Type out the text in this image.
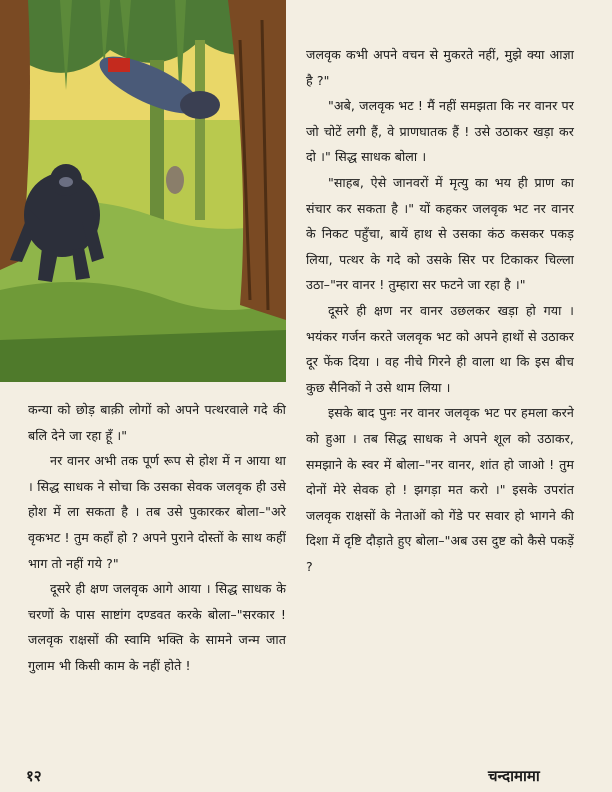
जलवृक कभी अपने वचन से मुकरते नहीं, मुझे क्या आज्ञा है ?"

"अबे, जलवृक भट ! मैं नहीं समझता कि नर वानर पर जो चोटें लगी हैं, वे प्राणघातक हैं ! उसे उठाकर खड़ा कर दो ।" सिद्ध साधक बोला ।

"साहब, ऐसे जानवरों में मृत्यु का भय ही प्राण का संचार कर सकता है ।" यों कहकर जलवृक भट नर वानर के निकट पहुँचा, बायें हाथ से उसका कंठ कसकर पकड़ लिया, पत्थर के गदे को उसके सिर पर टिकाकर चिल्ला उठा–"नर वानर ! तुम्हारा सर फटने जा रहा है ।"

दूसरे ही क्षण नर वानर उछलकर खड़ा हो गया । भयंकर गर्जन करते जलवृक भट को अपने हाथों से उठाकर दूर फेंक दिया । वह नीचे गिरने ही वाला था कि इस बीच कुछ सैनिकों ने उसे थाम लिया ।

इसके बाद पुनः नर वानर जलवृक भट पर हमला करने को हुआ । तब सिद्ध साधक ने अपने शूल को उठाकर, समझाने के स्वर में बोला–"नर वानर, शांत हो जाओ ! तुम दोनों मेरे सेवक हो ! झगड़ा मत करो ।" इसके उपरांत जलवृक राक्षसों के नेताओं को गेंडे पर सवार हो भागने की दिशा में दृष्टि दौड़ाते हुए बोला–"अब उस दुष्ट को कैसे पकड़ें ?

कन्या को छोड़ बाक़ी लोगों को अपने पत्थरवाले गदे की बलि देने जा रहा हूँ ।"

नर वानर अभी तक पूर्ण रूप से होश में न आया था । सिद्ध साधक ने सोचा कि उसका सेवक जलवृक ही उसे होश में ला सकता है । तब उसे पुकारकर बोला–"अरे वृकभट ! तुम कहाँ हो ? अपने पुराने दोस्तों के साथ कहीं भाग तो नहीं गये ?"

दूसरे ही क्षण जलवृक आगे आया । सिद्ध साधक के चरणों के पास साष्टांग दण्डवत करके बोला–"सरकार ! जलवृक राक्षसों की स्वामि भक्ति के सामने जन्म जात गुलाम भी किसी काम के नहीं होते !

१२	चन्दामामा
